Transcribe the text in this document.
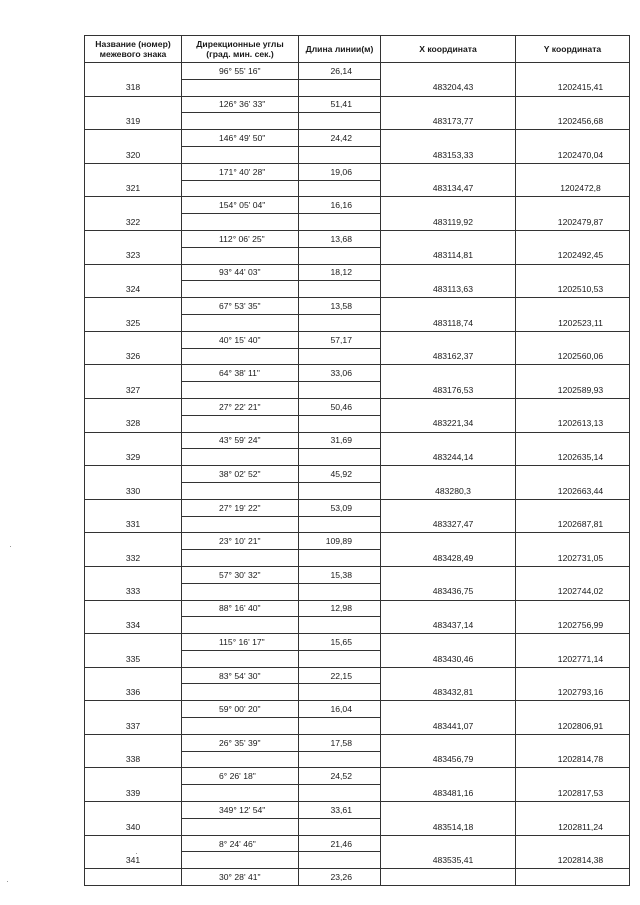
Название (номер)
межевого знака	Дирекционные углы
(град. мин. сек.)	Длина линии(м)	X координата	Y координата
	96° 55' 16"	26,14		
318			483204,43	1202415,41
	126° 36' 33"	51,41		
319			483173,77	1202456,68
	146° 49' 50"	24,42		
320			483153,33	1202470,04
	171° 40' 28"	19,06		
321			483134,47	1202472,8
	154° 05' 04"	16,16		
322			483119,92	1202479,87
	112° 06' 25"	13,68		
323			483114,81	1202492,45
	93° 44' 03"	18,12		
324			483113,63	1202510,53
	67° 53' 35"	13,58		
325			483118,74	1202523,11
	40° 15' 40"	57,17		
326			483162,37	1202560,06
	64° 38' 11"	33,06		
327			483176,53	1202589,93
	27° 22' 21"	50,46		
328			483221,34	1202613,13
	43° 59' 24"	31,69		
329			483244,14	1202635,14
	38° 02' 52"	45,92		
330			483280,3	1202663,44
	27° 19' 22"	53,09		
331			483327,47	1202687,81
	23° 10' 21"	109,89		
332			483428,49	1202731,05
	57° 30' 32"	15,38		
333			483436,75	1202744,02
	88° 16' 40"	12,98		
334			483437,14	1202756,99
	115° 16' 17"	15,65		
335			483430,46	1202771,14
	83° 54' 30"	22,15		
336			483432,81	1202793,16
	59° 00' 20"	16,04		
337			483441,07	1202806,91
	26° 35' 39"	17,58		
338			483456,79	1202814,78
	6° 26' 18"	24,52		
339			483481,16	1202817,53
	349° 12' 54"	33,61		
340			483514,18	1202811,24
	8° 24' 46"	21,46		
341			483535,41	1202814,38
	30° 28' 41"	23,26		
